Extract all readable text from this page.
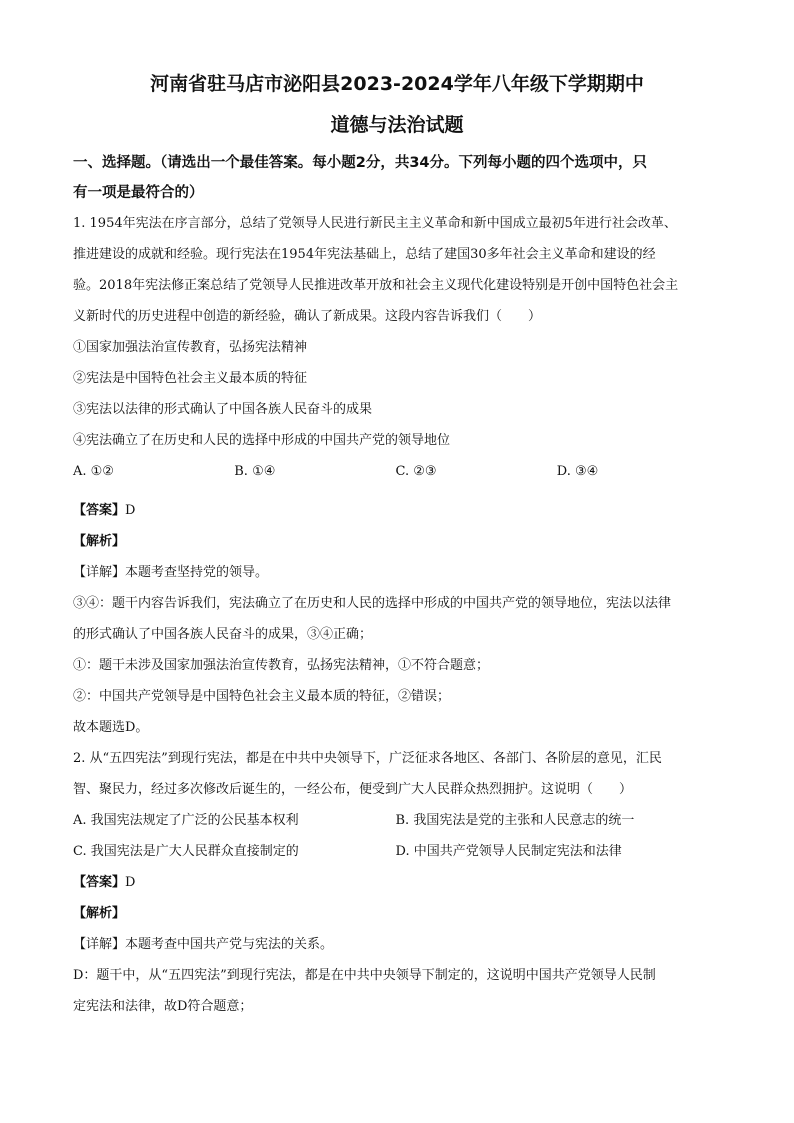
河南省驻马店市泌阳县2023-2024学年八年级下学期期中
道德与法治试题
一、选择题。（请选出一个最佳答案。每小题2分，共34分。下列每小题的四个选项中，只
有一项是最符合的）

1. 1954年宪法在序言部分，总结了党领导人民进行新民主主义革命和新中国成立最初5年进行社会改革、

推进建设的成就和经验。现行宪法在1954年宪法基础上，总结了建国30多年社会主义革命和建设的经

验。2018年宪法修正案总结了党领导人民推进改革开放和社会主义现代化建设特别是开创中国特色社会主

义新时代的历史进程中创造的新经验，确认了新成果。这段内容告诉我们（　　）

①国家加强法治宣传教育，弘扬宪法精神

②宪法是中国特色社会主义最本质的特征

③宪法以法律的形式确认了中国各族人民奋斗的成果

④宪法确立了在历史和人民的选择中形成的中国共产党的领导地位

A. ①②	B. ①④	C. ②③	D. ③④

【答案】D

【解析】

【详解】本题考查坚持党的领导。

③④：题干内容告诉我们，宪法确立了在历史和人民的选择中形成的中国共产党的领导地位，宪法以法律

的形式确认了中国各族人民奋斗的成果，③④正确；

①：题干未涉及国家加强法治宣传教育，弘扬宪法精神，①不符合题意；

②：中国共产党领导是中国特色社会主义最本质的特征，②错误；

故本题选D。

2. 从“五四宪法”到现行宪法，都是在中共中央领导下，广泛征求各地区、各部门、各阶层的意见，汇民

智、聚民力，经过多次修改后诞生的，一经公布，便受到广大人民群众热烈拥护。这说明（　　）

A. 我国宪法规定了广泛的公民基本权利	B. 我国宪法是党的主张和人民意志的统一
C. 我国宪法是广大人民群众直接制定的	D. 中国共产党领导人民制定宪法和法律

【答案】D

【解析】

【详解】本题考查中国共产党与宪法的关系。

D：题干中，从“五四宪法”到现行宪法，都是在中共中央领导下制定的，这说明中国共产党领导人民制

定宪法和法律，故D符合题意；
